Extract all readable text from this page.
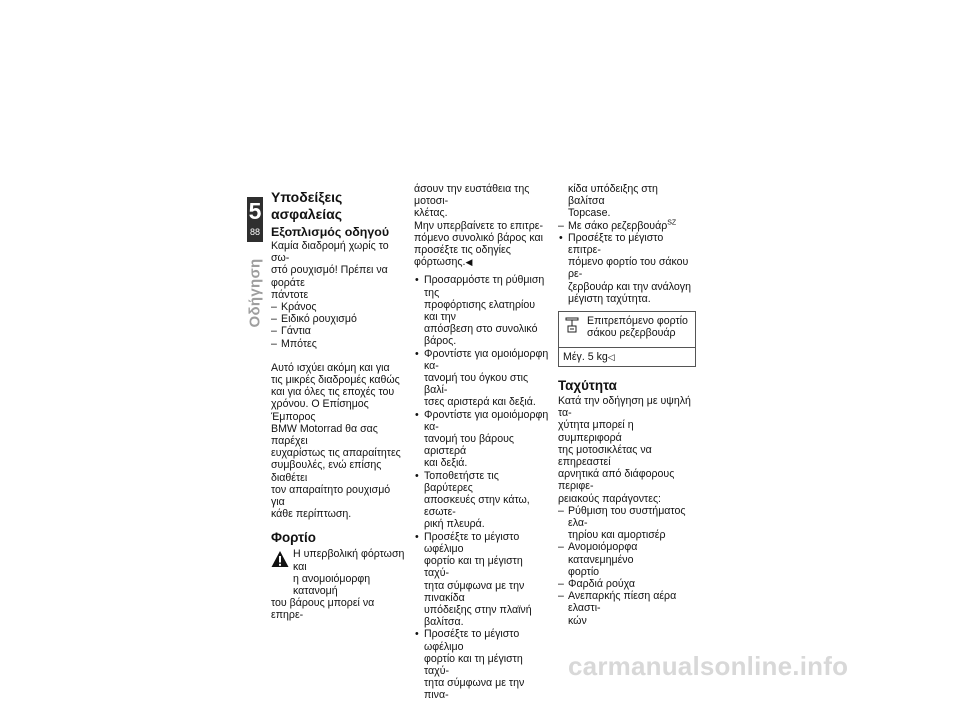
5
88
Οδήγηση
Υποδείξεις ασφαλείας
Εξοπλισμός οδηγού

Καμία διαδρομή χωρίς το σω-

στό ρουχισμό! Πρέπει να φοράτε

πάντοτε

– Κράνος
– Ειδικό ρουχισμό
– Γάντια
– Μπότες

Αυτό ισχύει ακόμη και για

τις μικρές διαδρομές καθώς

και για όλες τις εποχές του

χρόνου. Ο Επίσημος Έμπορος

BMW Motorrad θα σας παρέχει

ευχαρίστως τις απαραίτητες

συμβουλές, ενώ επίσης διαθέτει

τον απαραίτητο ρουχισμό για

κάθε περίπτωση.

Φορτίο

Η υπερβολική φόρτωση και

η ανομοιόμορφη κατανομή

του βάρους μπορεί να επηρε-

άσουν την ευστάθεια της μοτοσι-

κλέτας.

Μην υπερβαίνετε το επιτρε-

πόμενο συνολικό βάρος και

προσέξτε τις οδηγίες φόρτωσης.◀

• Προσαρμόστε τη ρύθμιση της

προφόρτισης ελατηρίου και την

απόσβεση στο συνολικό βάρος.

• Φροντίστε για ομοιόμορφη κα-

τανομή του όγκου στις βαλί-

τσες αριστερά και δεξιά.

• Φροντίστε για ομοιόμορφη κα-

τανομή του βάρους αριστερά

και δεξιά.

• Τοποθετήστε τις βαρύτερες

αποσκευές στην κάτω, εσωτε-

ρική πλευρά.

• Προσέξτε το μέγιστο ωφέλιμο

φορτίο και τη μέγιστη ταχύ-

τητα σύμφωνα με την πινακίδα

υπόδειξης στην πλαϊνή βαλίτσα.

• Προσέξτε το μέγιστο ωφέλιμο

φορτίο και τη μέγιστη ταχύ-

τητα σύμφωνα με την πινα-

κίδα υπόδειξης στη βαλίτσα

Topcase.

– Με σάκο ρεζερβουάρ$^{SZ}$
• Προσέξτε το μέγιστο επιτρε-

πόμενο φορτίο του σάκου ρε-

ζερβουάρ και την ανάλογη

μέγιστη ταχύτητα.

Επιτρεπόμενο φορτίο
σάκου ρεζερβουάρ
Μέγ. 5 kg◁
Ταχύτητα

Κατά την οδήγηση με υψηλή τα-

χύτητα μπορεί η συμπεριφορά

της μοτοσικλέτας να επηρεαστεί

αρνητικά από διάφορους περιφε-

ρειακούς παράγοντες:

– Ρύθμιση του συστήματος ελα-

τηρίου και αμορτισέρ

– Ανομοιόμορφα κατανεμημένο

φορτίο

– Φαρδιά ρούχα

– Ανεπαρκής πίεση αέρα ελαστι-

κών

carmanualsonline.info
